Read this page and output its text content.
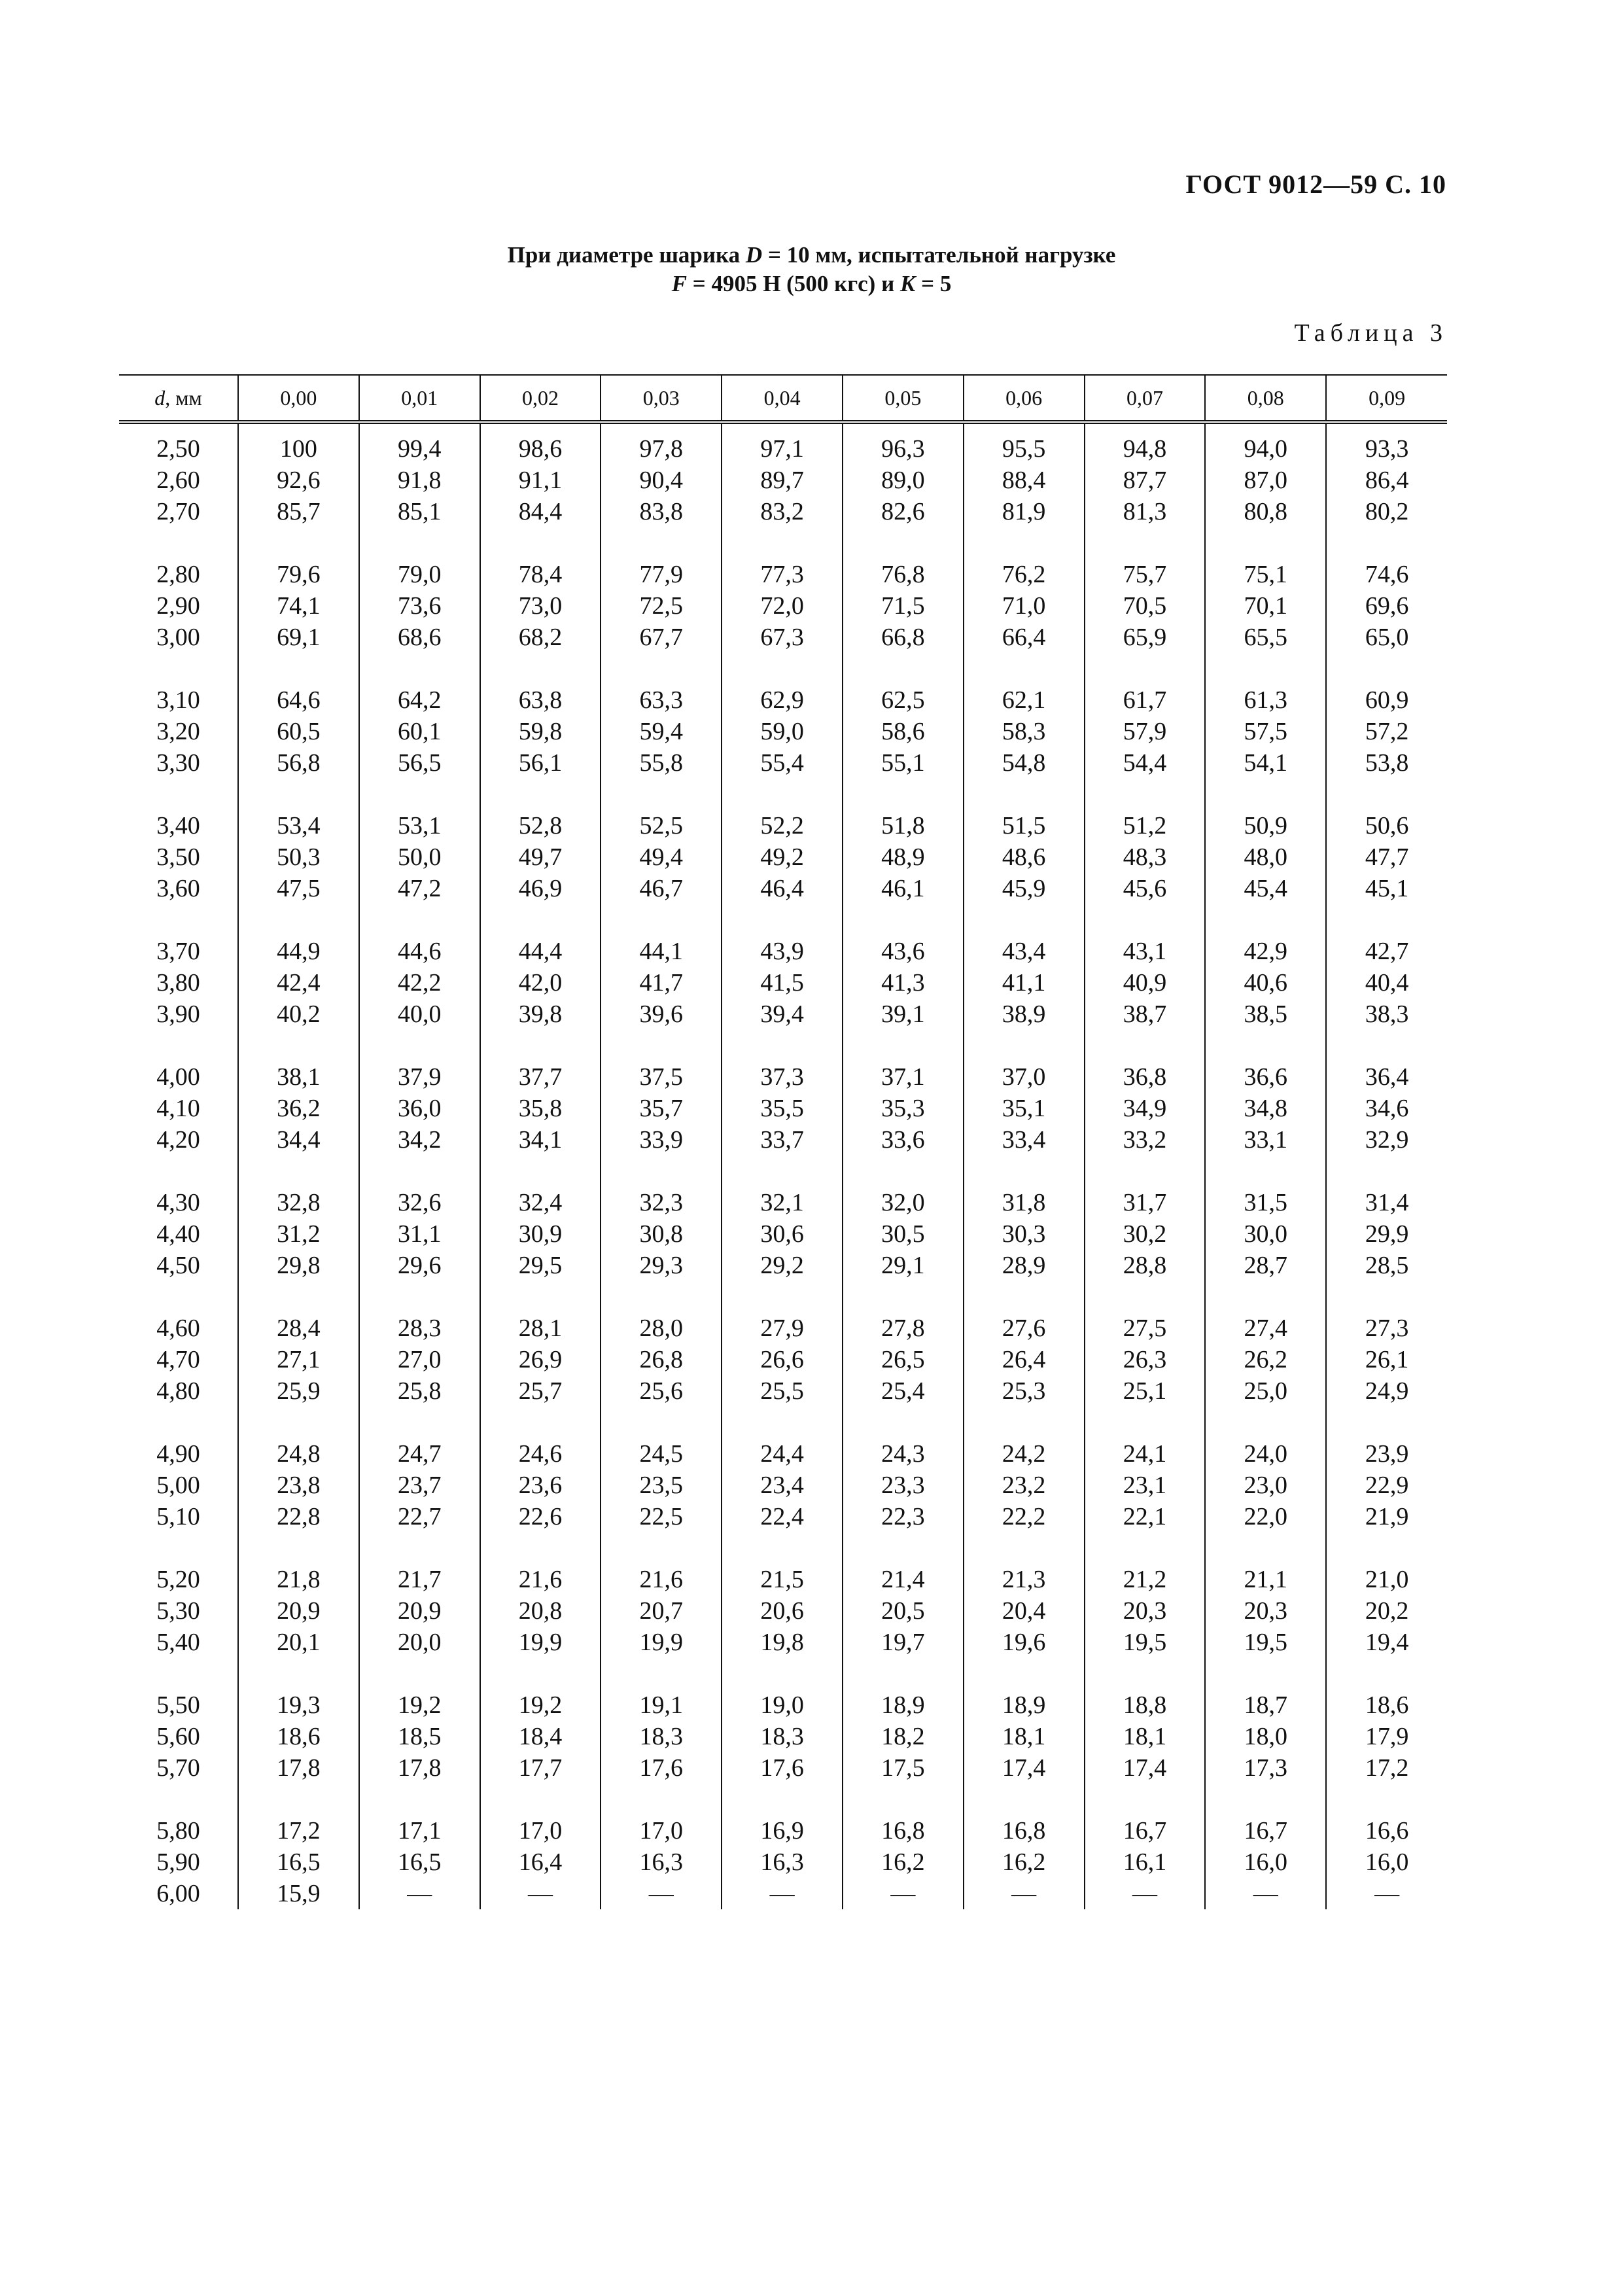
ГОСТ 9012—59 С. 10
При диаметре шарика D = 10 мм, испытательной нагрузке
F = 4905 Н (500 кгс) и K = 5
Таблица 3
d, мм	0,00	0,01	0,02	0,03	0,04	0,05	0,06	0,07	0,08	0,09
2,50	100	99,4	98,6	97,8	97,1	96,3	95,5	94,8	94,0	93,3
2,60	92,6	91,8	91,1	90,4	89,7	89,0	88,4	87,7	87,0	86,4
2,70	85,7	85,1	84,4	83,8	83,2	82,6	81,9	81,3	80,8	80,2
2,80	79,6	79,0	78,4	77,9	77,3	76,8	76,2	75,7	75,1	74,6
2,90	74,1	73,6	73,0	72,5	72,0	71,5	71,0	70,5	70,1	69,6
3,00	69,1	68,6	68,2	67,7	67,3	66,8	66,4	65,9	65,5	65,0
3,10	64,6	64,2	63,8	63,3	62,9	62,5	62,1	61,7	61,3	60,9
3,20	60,5	60,1	59,8	59,4	59,0	58,6	58,3	57,9	57,5	57,2
3,30	56,8	56,5	56,1	55,8	55,4	55,1	54,8	54,4	54,1	53,8
3,40	53,4	53,1	52,8	52,5	52,2	51,8	51,5	51,2	50,9	50,6
3,50	50,3	50,0	49,7	49,4	49,2	48,9	48,6	48,3	48,0	47,7
3,60	47,5	47,2	46,9	46,7	46,4	46,1	45,9	45,6	45,4	45,1
3,70	44,9	44,6	44,4	44,1	43,9	43,6	43,4	43,1	42,9	42,7
3,80	42,4	42,2	42,0	41,7	41,5	41,3	41,1	40,9	40,6	40,4
3,90	40,2	40,0	39,8	39,6	39,4	39,1	38,9	38,7	38,5	38,3
4,00	38,1	37,9	37,7	37,5	37,3	37,1	37,0	36,8	36,6	36,4
4,10	36,2	36,0	35,8	35,7	35,5	35,3	35,1	34,9	34,8	34,6
4,20	34,4	34,2	34,1	33,9	33,7	33,6	33,4	33,2	33,1	32,9
4,30	32,8	32,6	32,4	32,3	32,1	32,0	31,8	31,7	31,5	31,4
4,40	31,2	31,1	30,9	30,8	30,6	30,5	30,3	30,2	30,0	29,9
4,50	29,8	29,6	29,5	29,3	29,2	29,1	28,9	28,8	28,7	28,5
4,60	28,4	28,3	28,1	28,0	27,9	27,8	27,6	27,5	27,4	27,3
4,70	27,1	27,0	26,9	26,8	26,6	26,5	26,4	26,3	26,2	26,1
4,80	25,9	25,8	25,7	25,6	25,5	25,4	25,3	25,1	25,0	24,9
4,90	24,8	24,7	24,6	24,5	24,4	24,3	24,2	24,1	24,0	23,9
5,00	23,8	23,7	23,6	23,5	23,4	23,3	23,2	23,1	23,0	22,9
5,10	22,8	22,7	22,6	22,5	22,4	22,3	22,2	22,1	22,0	21,9
5,20	21,8	21,7	21,6	21,6	21,5	21,4	21,3	21,2	21,1	21,0
5,30	20,9	20,9	20,8	20,7	20,6	20,5	20,4	20,3	20,3	20,2
5,40	20,1	20,0	19,9	19,9	19,8	19,7	19,6	19,5	19,5	19,4
5,50	19,3	19,2	19,2	19,1	19,0	18,9	18,9	18,8	18,7	18,6
5,60	18,6	18,5	18,4	18,3	18,3	18,2	18,1	18,1	18,0	17,9
5,70	17,8	17,8	17,7	17,6	17,6	17,5	17,4	17,4	17,3	17,2
5,80	17,2	17,1	17,0	17,0	16,9	16,8	16,8	16,7	16,7	16,6
5,90	16,5	16,5	16,4	16,3	16,3	16,2	16,2	16,1	16,0	16,0
6,00	15,9	—	—	—	—	—	—	—	—	—
